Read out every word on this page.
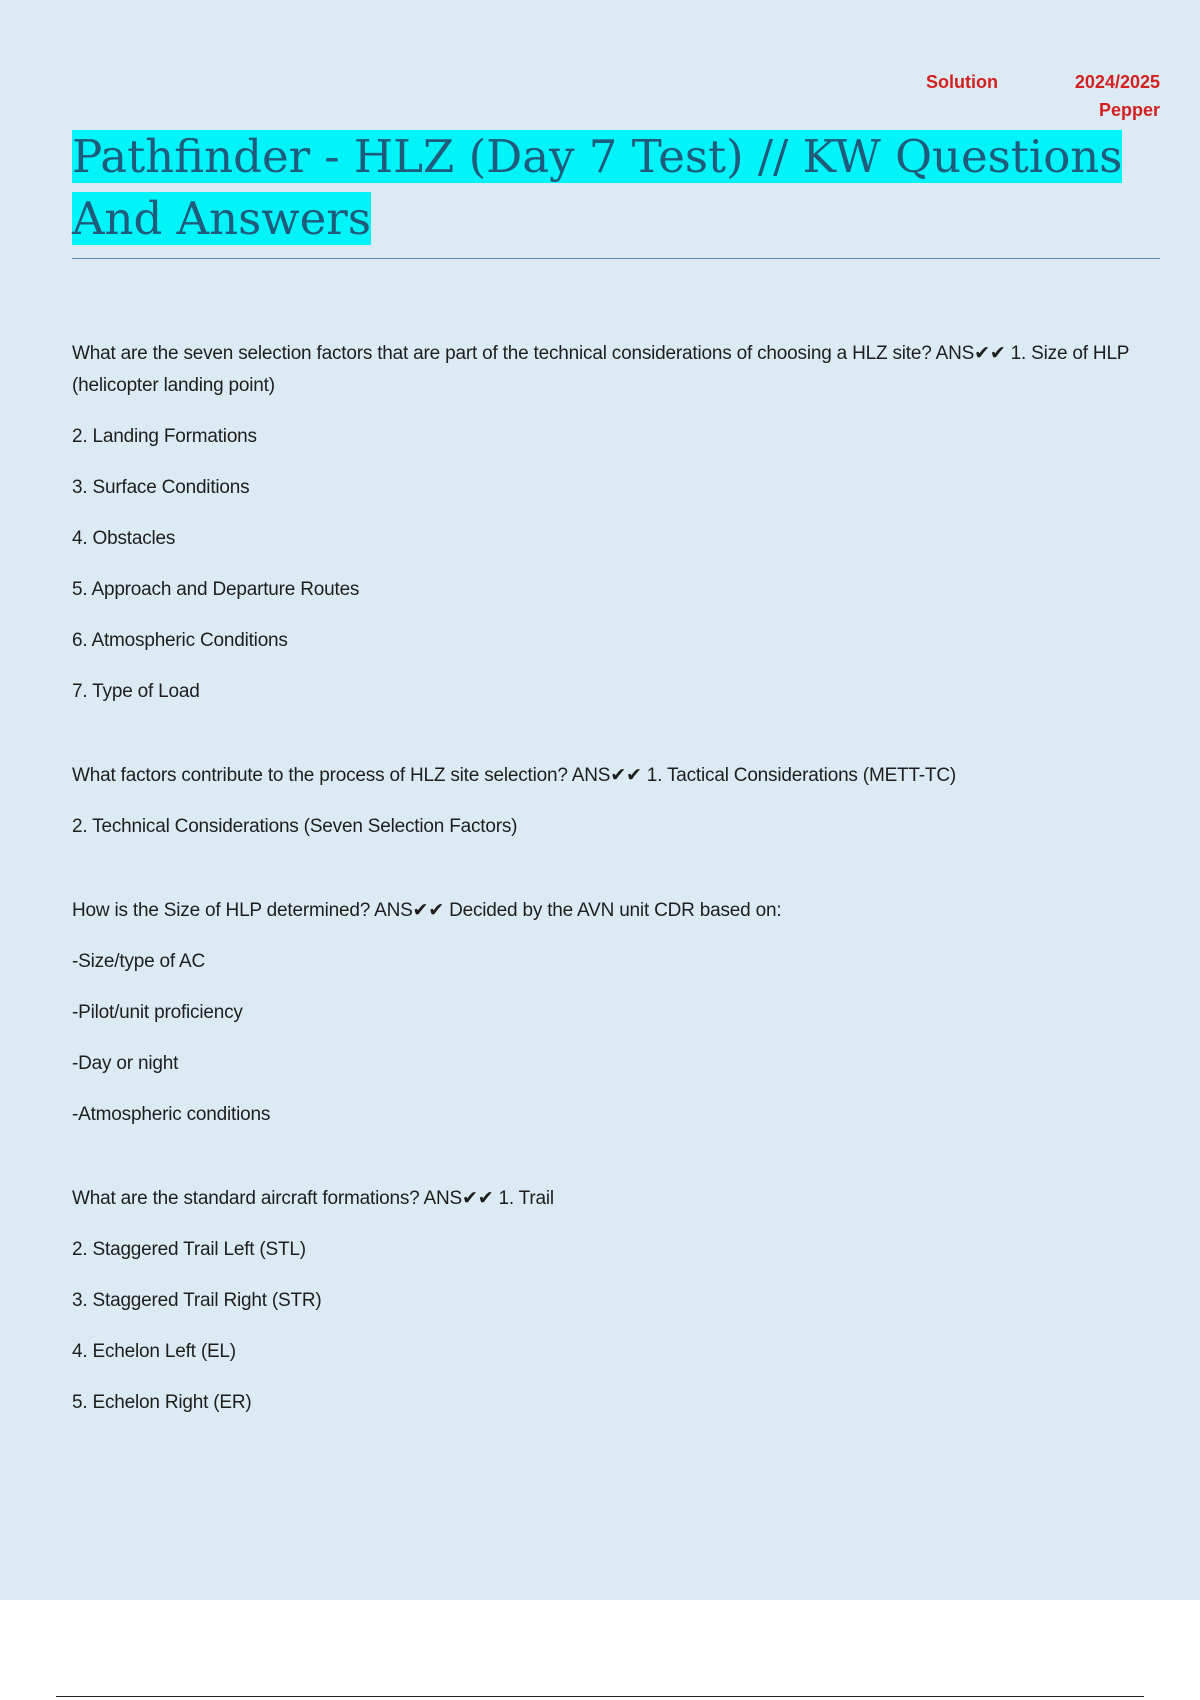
Solution	2024/2025
Pepper
Pathfinder - HLZ (Day 7 Test) // KW Questions
And Answers

What are the seven selection factors that are part of the technical considerations of choosing a HLZ site? ANS✔✔ 1. Size of HLP (helicopter landing point)

2. Landing Formations

3. Surface Conditions

4. Obstacles

5. Approach and Departure Routes

6. Atmospheric Conditions

7. Type of Load

What factors contribute to the process of HLZ site selection? ANS✔✔ 1. Tactical Considerations (METT-TC)

2. Technical Considerations (Seven Selection Factors)

How is the Size of HLP determined? ANS✔✔ Decided by the AVN unit CDR based on:

-Size/type of AC

-Pilot/unit proficiency

-Day or night

-Atmospheric conditions

What are the standard aircraft formations? ANS✔✔ 1. Trail

2. Staggered Trail Left (STL)

3. Staggered Trail Right (STR)

4. Echelon Left (EL)

5. Echelon Right (ER)
